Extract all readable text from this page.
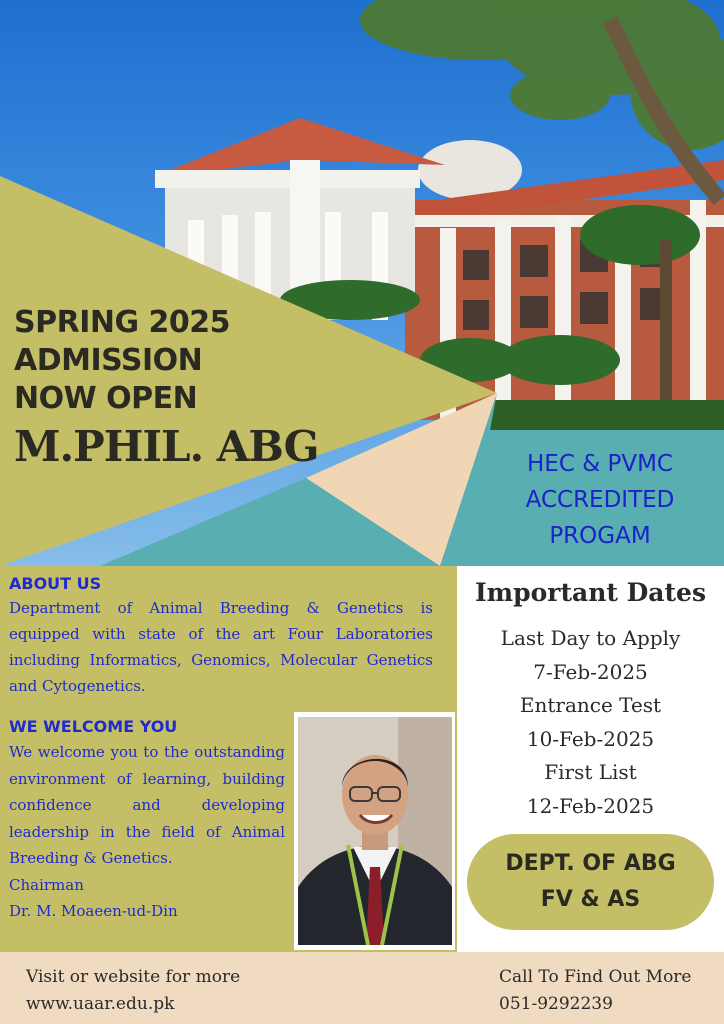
SPRING 2025
ADMISSION
NOW OPEN
M.PHIL. ABG	HEC & PVMC
ACCREDITED
PROGAM
ABOUT US
Department of Animal Breeding & Genetics is equipped with state of the art Four Laboratories including Informatics, Genomics, Molecular Genetics and Cytogenetics.
WE WELCOME YOU
We welcome you to the outstanding environment of learning, building confidence and developing leadership in the field of Animal Breeding & Genetics.
Chairman
Dr. M. Moaeen-ud-Din
Important Dates
Last Day to Apply
7-Feb-2025
Entrance Test
10-Feb-2025
First List
12-Feb-2025
DEPT. OF ABG
FV & AS
Visit or website for more
www.uaar.edu.pk
Call To Find Out More
051-9292239
